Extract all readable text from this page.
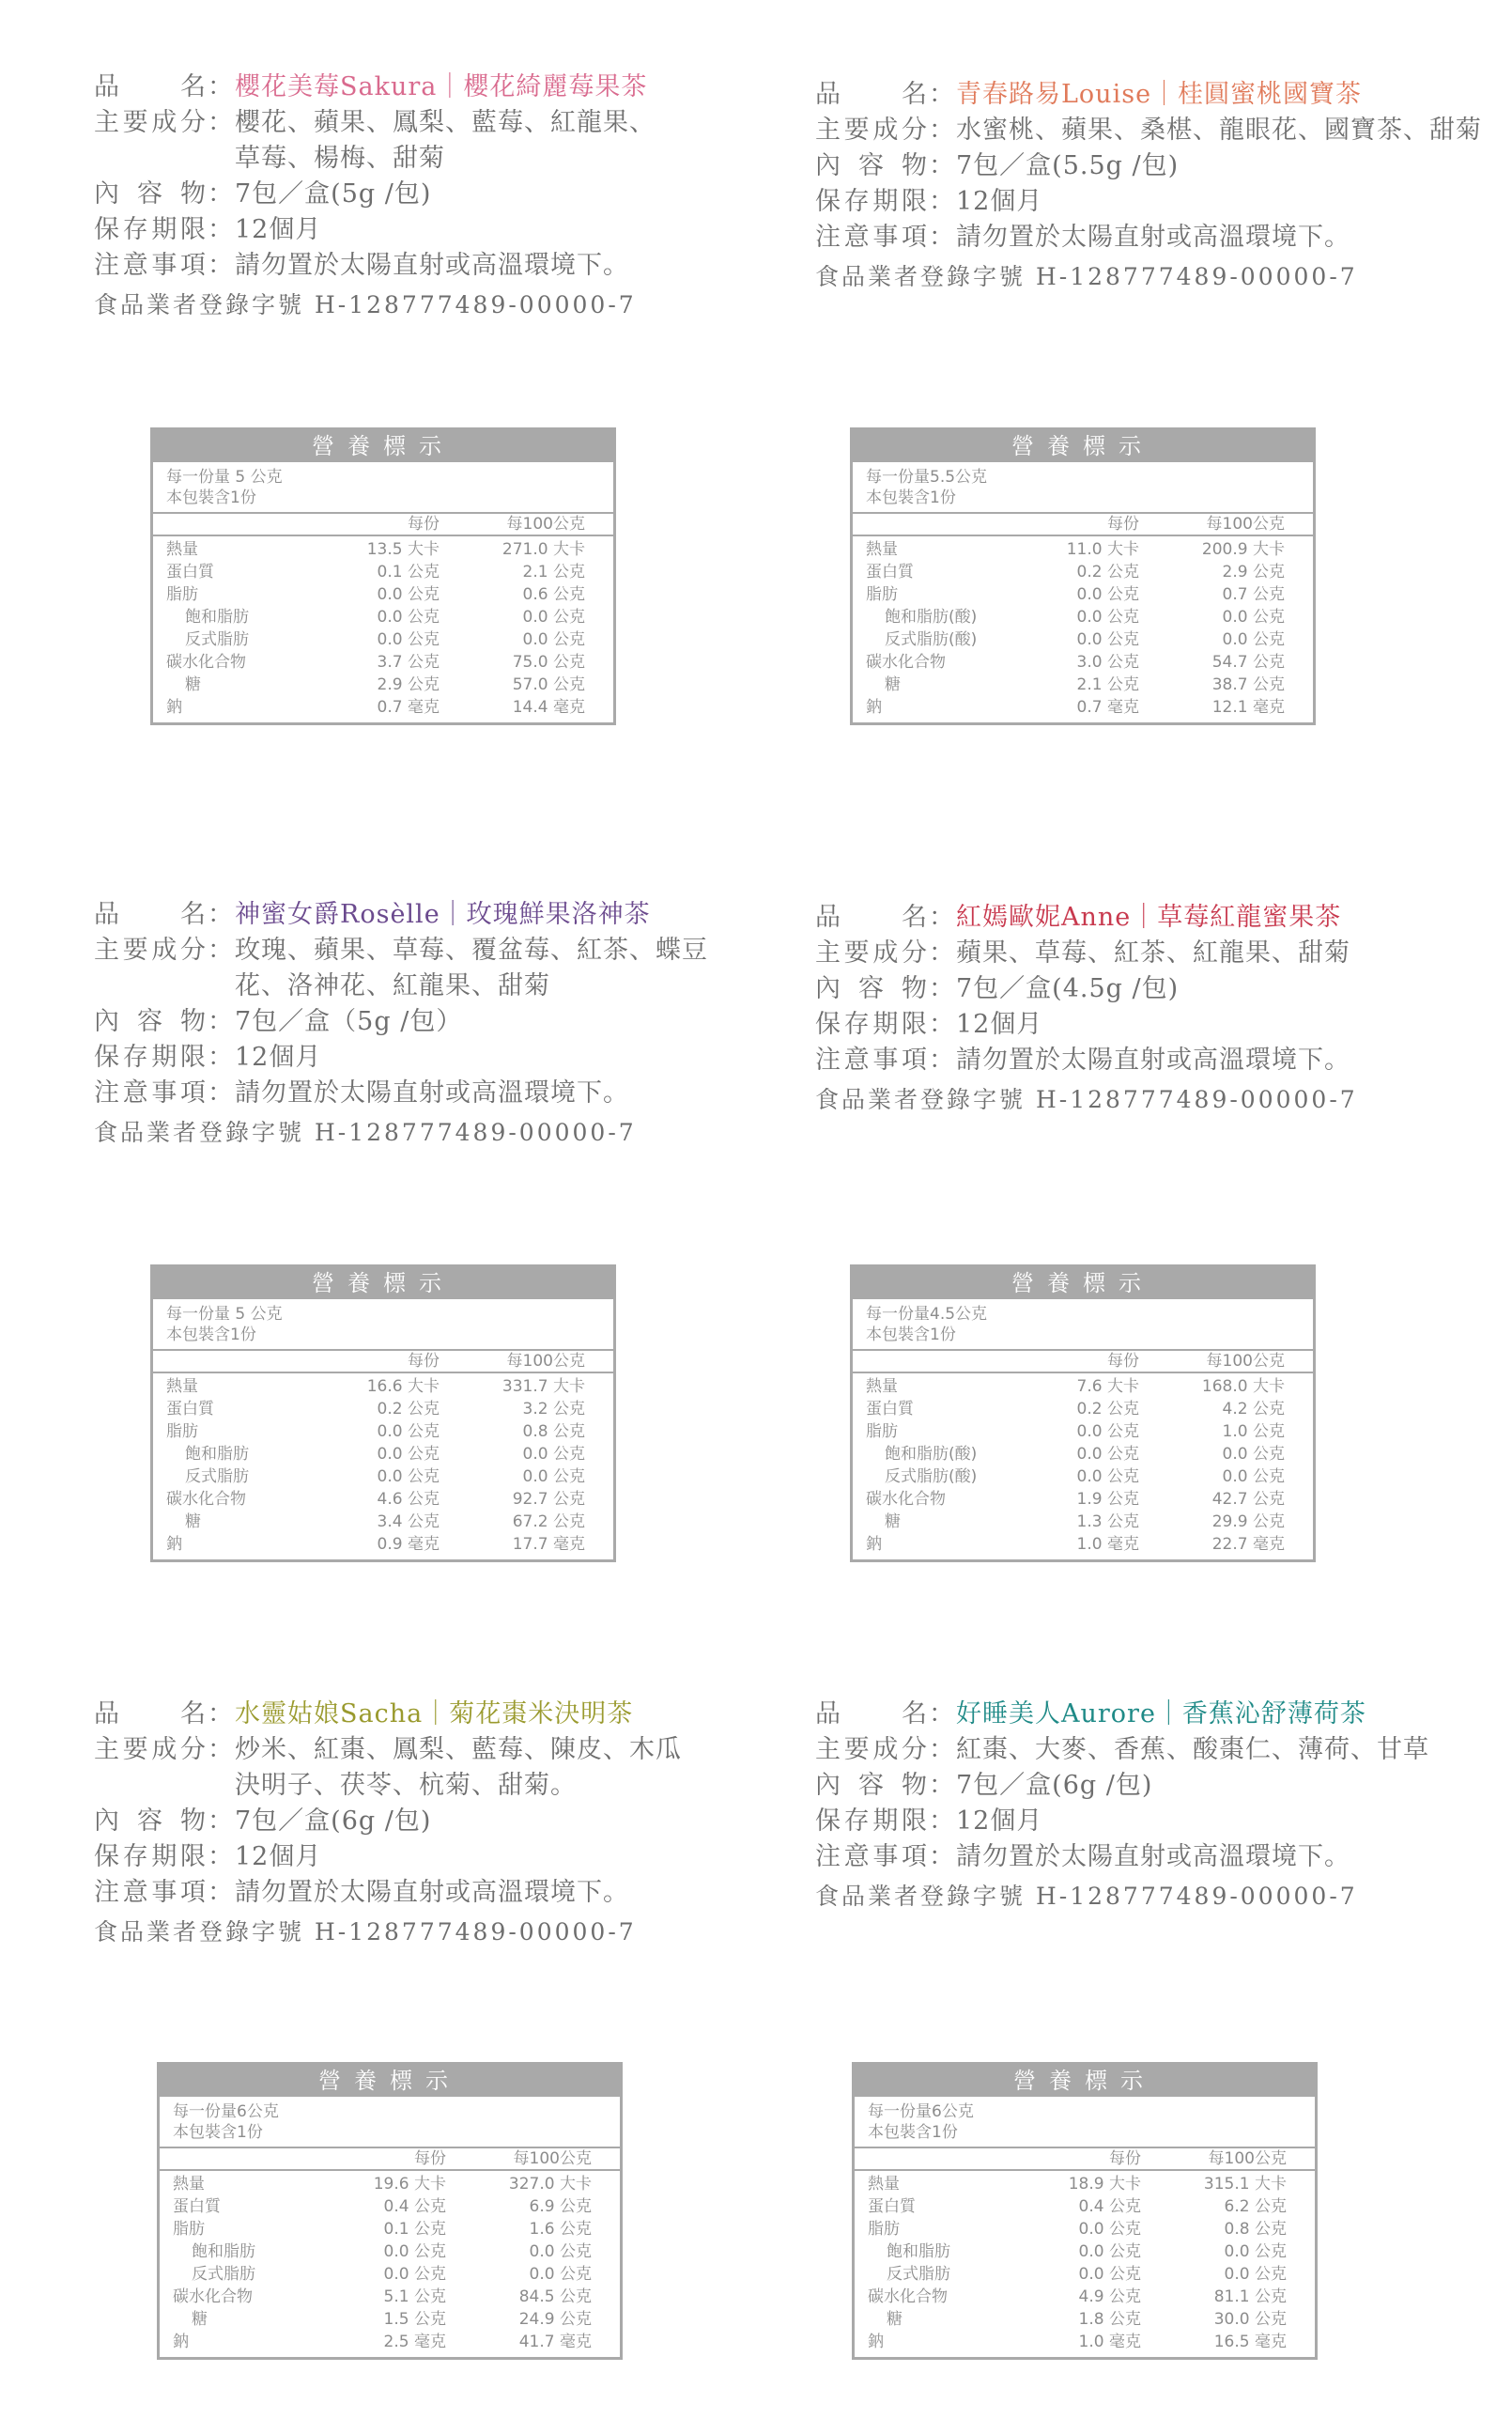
品名 ： 櫻花美莓Sakura｜櫻花綺麗莓果茶
主要成分 ： 櫻花、蘋果、鳳梨、藍莓、紅龍果、
草莓、楊梅、甜菊
內容物 ： 7包／盒(5g /包)
保存期限 ： 12個月
注意事項 ： 請勿置於太陽直射或高溫環境下。
食品業者登錄字號 H-128777489-00000-7
品名 ： 青春路易Louise｜桂圓蜜桃國寶茶
主要成分 ： 水蜜桃、蘋果、桑椹、龍眼花、國寶茶、甜菊
內容物 ： 7包／盒(5.5g /包)
保存期限 ： 12個月
注意事項 ： 請勿置於太陽直射或高溫環境下。
食品業者登錄字號 H-128777489-00000-7
品名 ： 神蜜女爵Rosèlle｜玫瑰鮮果洛神茶
主要成分 ： 玫瑰、蘋果、草莓、覆盆莓、紅茶、蝶豆
花、洛神花、紅龍果、甜菊
內容物 ： 7包／盒（5g /包）
保存期限 ： 12個月
注意事項 ： 請勿置於太陽直射或高溫環境下。
食品業者登錄字號 H-128777489-00000-7
品名 ： 紅嫣歐妮Anne｜草莓紅龍蜜果茶
主要成分 ： 蘋果、草莓、紅茶、紅龍果、甜菊
內容物 ： 7包／盒(4.5g /包)
保存期限 ： 12個月
注意事項 ： 請勿置於太陽直射或高溫環境下。
食品業者登錄字號 H-128777489-00000-7
品名 ： 水靈姑娘Sacha｜菊花棗米決明茶
主要成分 ： 炒米、紅棗、鳳梨、藍莓、陳皮、木瓜
決明子、茯苓、杭菊、甜菊。
內容物 ： 7包／盒(6g /包)
保存期限 ： 12個月
注意事項 ： 請勿置於太陽直射或高溫環境下。
食品業者登錄字號 H-128777489-00000-7
品名 ： 好睡美人Aurore｜香蕉沁舒薄荷茶
主要成分 ： 紅棗、大麥、香蕉、酸棗仁、薄荷、甘草
內容物 ： 7包／盒(6g /包)
保存期限 ： 12個月
注意事項 ： 請勿置於太陽直射或高溫環境下。
食品業者登錄字號 H-128777489-00000-7
營養標示
每一份量 5 公克
本包裝含1份
每份	每100公克
熱量	13.5 大卡	271.0 大卡
蛋白質	0.1 公克	2.1 公克
脂肪	0.0 公克	0.6 公克
飽和脂肪	0.0 公克	0.0 公克
反式脂肪	0.0 公克	0.0 公克
碳水化合物	3.7 公克	75.0 公克
糖	2.9 公克	57.0 公克
鈉	0.7 毫克	14.4 毫克
營養標示
每一份量5.5公克
本包裝含1份
每份	每100公克
熱量	11.0 大卡	200.9 大卡
蛋白質	0.2 公克	2.9 公克
脂肪	0.0 公克	0.7 公克
飽和脂肪(酸)	0.0 公克	0.0 公克
反式脂肪(酸)	0.0 公克	0.0 公克
碳水化合物	3.0 公克	54.7 公克
糖	2.1 公克	38.7 公克
鈉	0.7 毫克	12.1 毫克
營養標示
每一份量 5 公克
本包裝含1份
每份	每100公克
熱量	16.6 大卡	331.7 大卡
蛋白質	0.2 公克	3.2 公克
脂肪	0.0 公克	0.8 公克
飽和脂肪	0.0 公克	0.0 公克
反式脂肪	0.0 公克	0.0 公克
碳水化合物	4.6 公克	92.7 公克
糖	3.4 公克	67.2 公克
鈉	0.9 毫克	17.7 毫克
營養標示
每一份量4.5公克
本包裝含1份
每份	每100公克
熱量	7.6 大卡	168.0 大卡
蛋白質	0.2 公克	4.2 公克
脂肪	0.0 公克	1.0 公克
飽和脂肪(酸)	0.0 公克	0.0 公克
反式脂肪(酸)	0.0 公克	0.0 公克
碳水化合物	1.9 公克	42.7 公克
糖	1.3 公克	29.9 公克
鈉	1.0 毫克	22.7 毫克
營養標示
每一份量6公克
本包裝含1份
每份	每100公克
熱量	19.6 大卡	327.0 大卡
蛋白質	0.4 公克	6.9 公克
脂肪	0.1 公克	1.6 公克
飽和脂肪	0.0 公克	0.0 公克
反式脂肪	0.0 公克	0.0 公克
碳水化合物	5.1 公克	84.5 公克
糖	1.5 公克	24.9 公克
鈉	2.5 毫克	41.7 毫克
營養標示
每一份量6公克
本包裝含1份
每份	每100公克
熱量	18.9 大卡	315.1 大卡
蛋白質	0.4 公克	6.2 公克
脂肪	0.0 公克	0.8 公克
飽和脂肪	0.0 公克	0.0 公克
反式脂肪	0.0 公克	0.0 公克
碳水化合物	4.9 公克	81.1 公克
糖	1.8 公克	30.0 公克
鈉	1.0 毫克	16.5 毫克
